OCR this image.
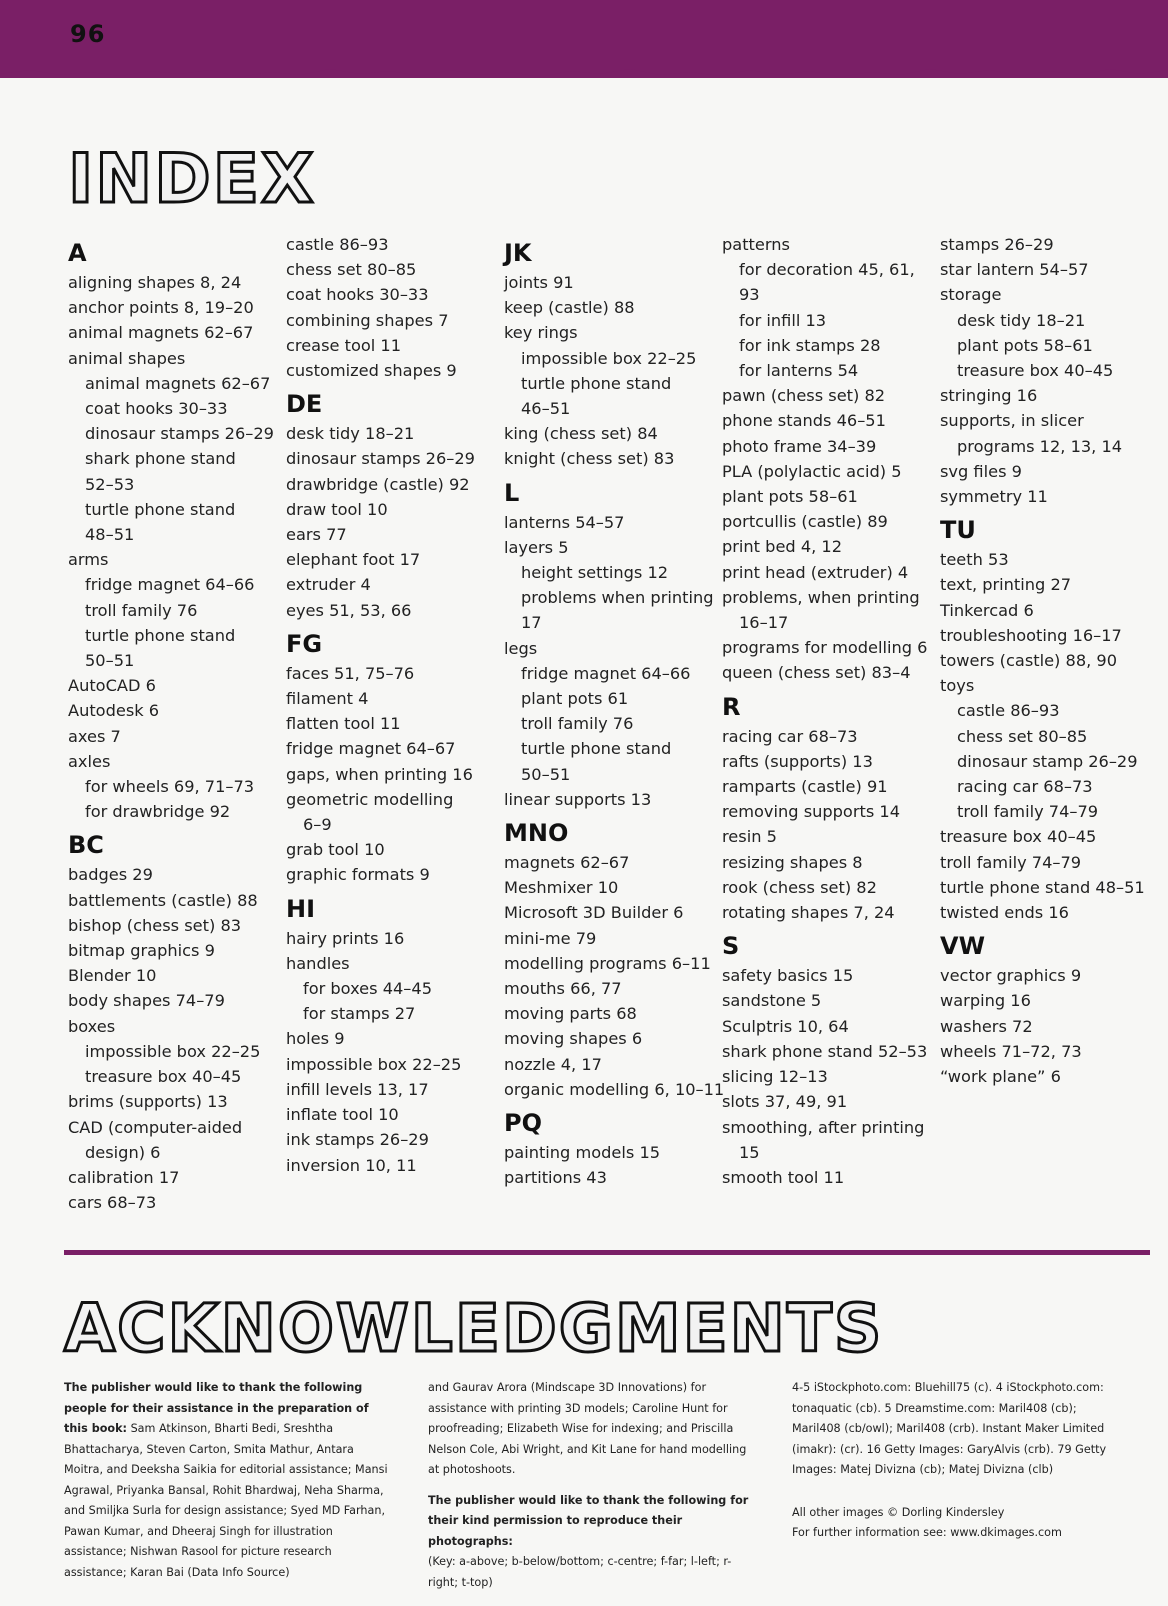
96
INDEX
A
aligning shapes 8, 24
anchor points 8, 19–20
animal magnets 62–67
animal shapes
animal magnets 62–67
coat hooks 30–33
dinosaur stamps 26–29
shark phone stand
52–53
turtle phone stand
48–51
arms
fridge magnet 64–66
troll family 76
turtle phone stand
50–51
AutoCAD 6
Autodesk 6
axes 7
axles
for wheels 69, 71–73
for drawbridge 92
BC
badges 29
battlements (castle) 88
bishop (chess set) 83
bitmap graphics 9
Blender 10
body shapes 74–79
boxes
impossible box 22–25
treasure box 40–45
brims (supports) 13
CAD (computer-aided
design) 6
calibration 17
cars 68–73
castle 86–93
chess set 80–85
coat hooks 30–33
combining shapes 7
crease tool 11
customized shapes 9
DE
desk tidy 18–21
dinosaur stamps 26–29
drawbridge (castle) 92
draw tool 10
ears 77
elephant foot 17
extruder 4
eyes 51, 53, 66
FG
faces 51, 75–76
filament 4
flatten tool 11
fridge magnet 64–67
gaps, when printing 16
geometric modelling
6–9
grab tool 10
graphic formats 9
HI
hairy prints 16
handles
for boxes 44–45
for stamps 27
holes 9
impossible box 22–25
infill levels 13, 17
inflate tool 10
ink stamps 26–29
inversion 10, 11
JK
joints 91
keep (castle) 88
key rings
impossible box 22–25
turtle phone stand
46–51
king (chess set) 84
knight (chess set) 83
L
lanterns 54–57
layers 5
height settings 12
problems when printing
17
legs
fridge magnet 64–66
plant pots 61
troll family 76
turtle phone stand
50–51
linear supports 13
MNO
magnets 62–67
Meshmixer 10
Microsoft 3D Builder 6
mini-me 79
modelling programs 6–11
mouths 66, 77
moving parts 68
moving shapes 6
nozzle 4, 17
organic modelling 6, 10–11
PQ
painting models 15
partitions 43
patterns
for decoration 45, 61,
93
for infill 13
for ink stamps 28
for lanterns 54
pawn (chess set) 82
phone stands 46–51
photo frame 34–39
PLA (polylactic acid) 5
plant pots 58–61
portcullis (castle) 89
print bed 4, 12
print head (extruder) 4
problems, when printing
16–17
programs for modelling 6
queen (chess set) 83–4
R
racing car 68–73
rafts (supports) 13
ramparts (castle) 91
removing supports 14
resin 5
resizing shapes 8
rook (chess set) 82
rotating shapes 7, 24
S
safety basics 15
sandstone 5
Sculptris 10, 64
shark phone stand 52–53
slicing 12–13
slots 37, 49, 91
smoothing, after printing
15
smooth tool 11
stamps 26–29
star lantern 54–57
storage
desk tidy 18–21
plant pots 58–61
treasure box 40–45
stringing 16
supports, in slicer
programs 12, 13, 14
svg files 9
symmetry 11
TU
teeth 53
text, printing 27
Tinkercad 6
troubleshooting 16–17
towers (castle) 88, 90
toys
castle 86–93
chess set 80–85
dinosaur stamp 26–29
racing car 68–73
troll family 74–79
treasure box 40–45
troll family 74–79
turtle phone stand 48–51
twisted ends 16
VW
vector graphics 9
warping 16
washers 72
wheels 71–72, 73
“work plane” 6
ACKNOWLEDGMENTS
The publisher would like to thank the following people for their assistance in the preparation of this book: Sam Atkinson, Bharti Bedi, Sreshtha Bhattacharya, Steven Carton, Smita Mathur, Antara Moitra, and Deeksha Saikia for editorial assistance; Mansi Agrawal, Priyanka Bansal, Rohit Bhardwaj, Neha Sharma, and Smiljka Surla for design assistance; Syed MD Farhan, Pawan Kumar, and Dheeraj Singh for illustration assistance; Nishwan Rasool for picture research assistance; Karan Bai (Data Info Source)
and Gaurav Arora (Mindscape 3D Innovations) for assistance with printing 3D models; Caroline Hunt for proofreading; Elizabeth Wise for indexing; and Priscilla Nelson Cole, Abi Wright, and Kit Lane for hand modelling at photoshoots.
The publisher would like to thank the following for their kind permission to reproduce their photographs:
(Key: a-above; b-below/bottom; c-centre; f-far; l-left; r-right; t-top)
4-5 iStockphoto.com: Bluehill75 (c). 4 iStockphoto.com: tonaquatic (cb). 5 Dreamstime.com: Maril408 (cb); Maril408 (cb/owl); Maril408 (crb). Instant Maker Limited (imakr): (cr). 16 Getty Images: GaryAlvis (crb). 79 Getty Images: Matej Divizna (cb); Matej Divizna (clb)
All other images © Dorling Kindersley
For further information see: www.dkimages.com
